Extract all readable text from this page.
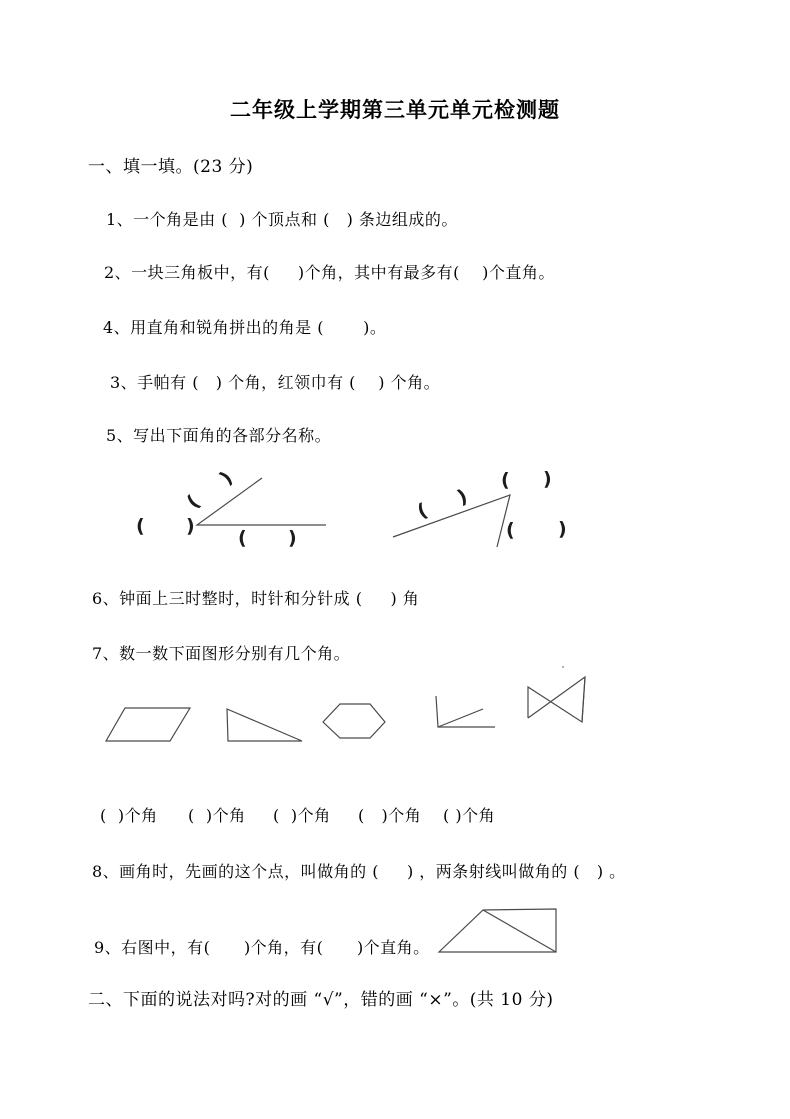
二年级上学期第三单元单元检测题
一、填一填。(23 分)
1、一个角是由 (  ) 个顶点和 (   ) 条边组成的。
2、一块三角板中，有(     )个角，其中有最多有(    )个直角。
4、用直角和锐角拼出的角是 (       )。
3、手帕有 (   ) 个角，红领巾有 (    ) 个角。
5、写出下面角的各部分名称。
( )
(
)
( )
( )
(
)
( )
6、钟面上三时整时，时针和分针成 (     ) 角
7、数一数下面图形分别有几个角。
(  )个角 (  )个角 (  )个角 (   )个角 ( )个角
8、画角时，先画的这个点，叫做角的 (     ) ，两条射线叫做角的 (   ) 。
9、右图中，有(      )个角，有(      )个直角。
二、下面的说法对吗?对的画 “√”，错的画 “×”。(共 10 分)
